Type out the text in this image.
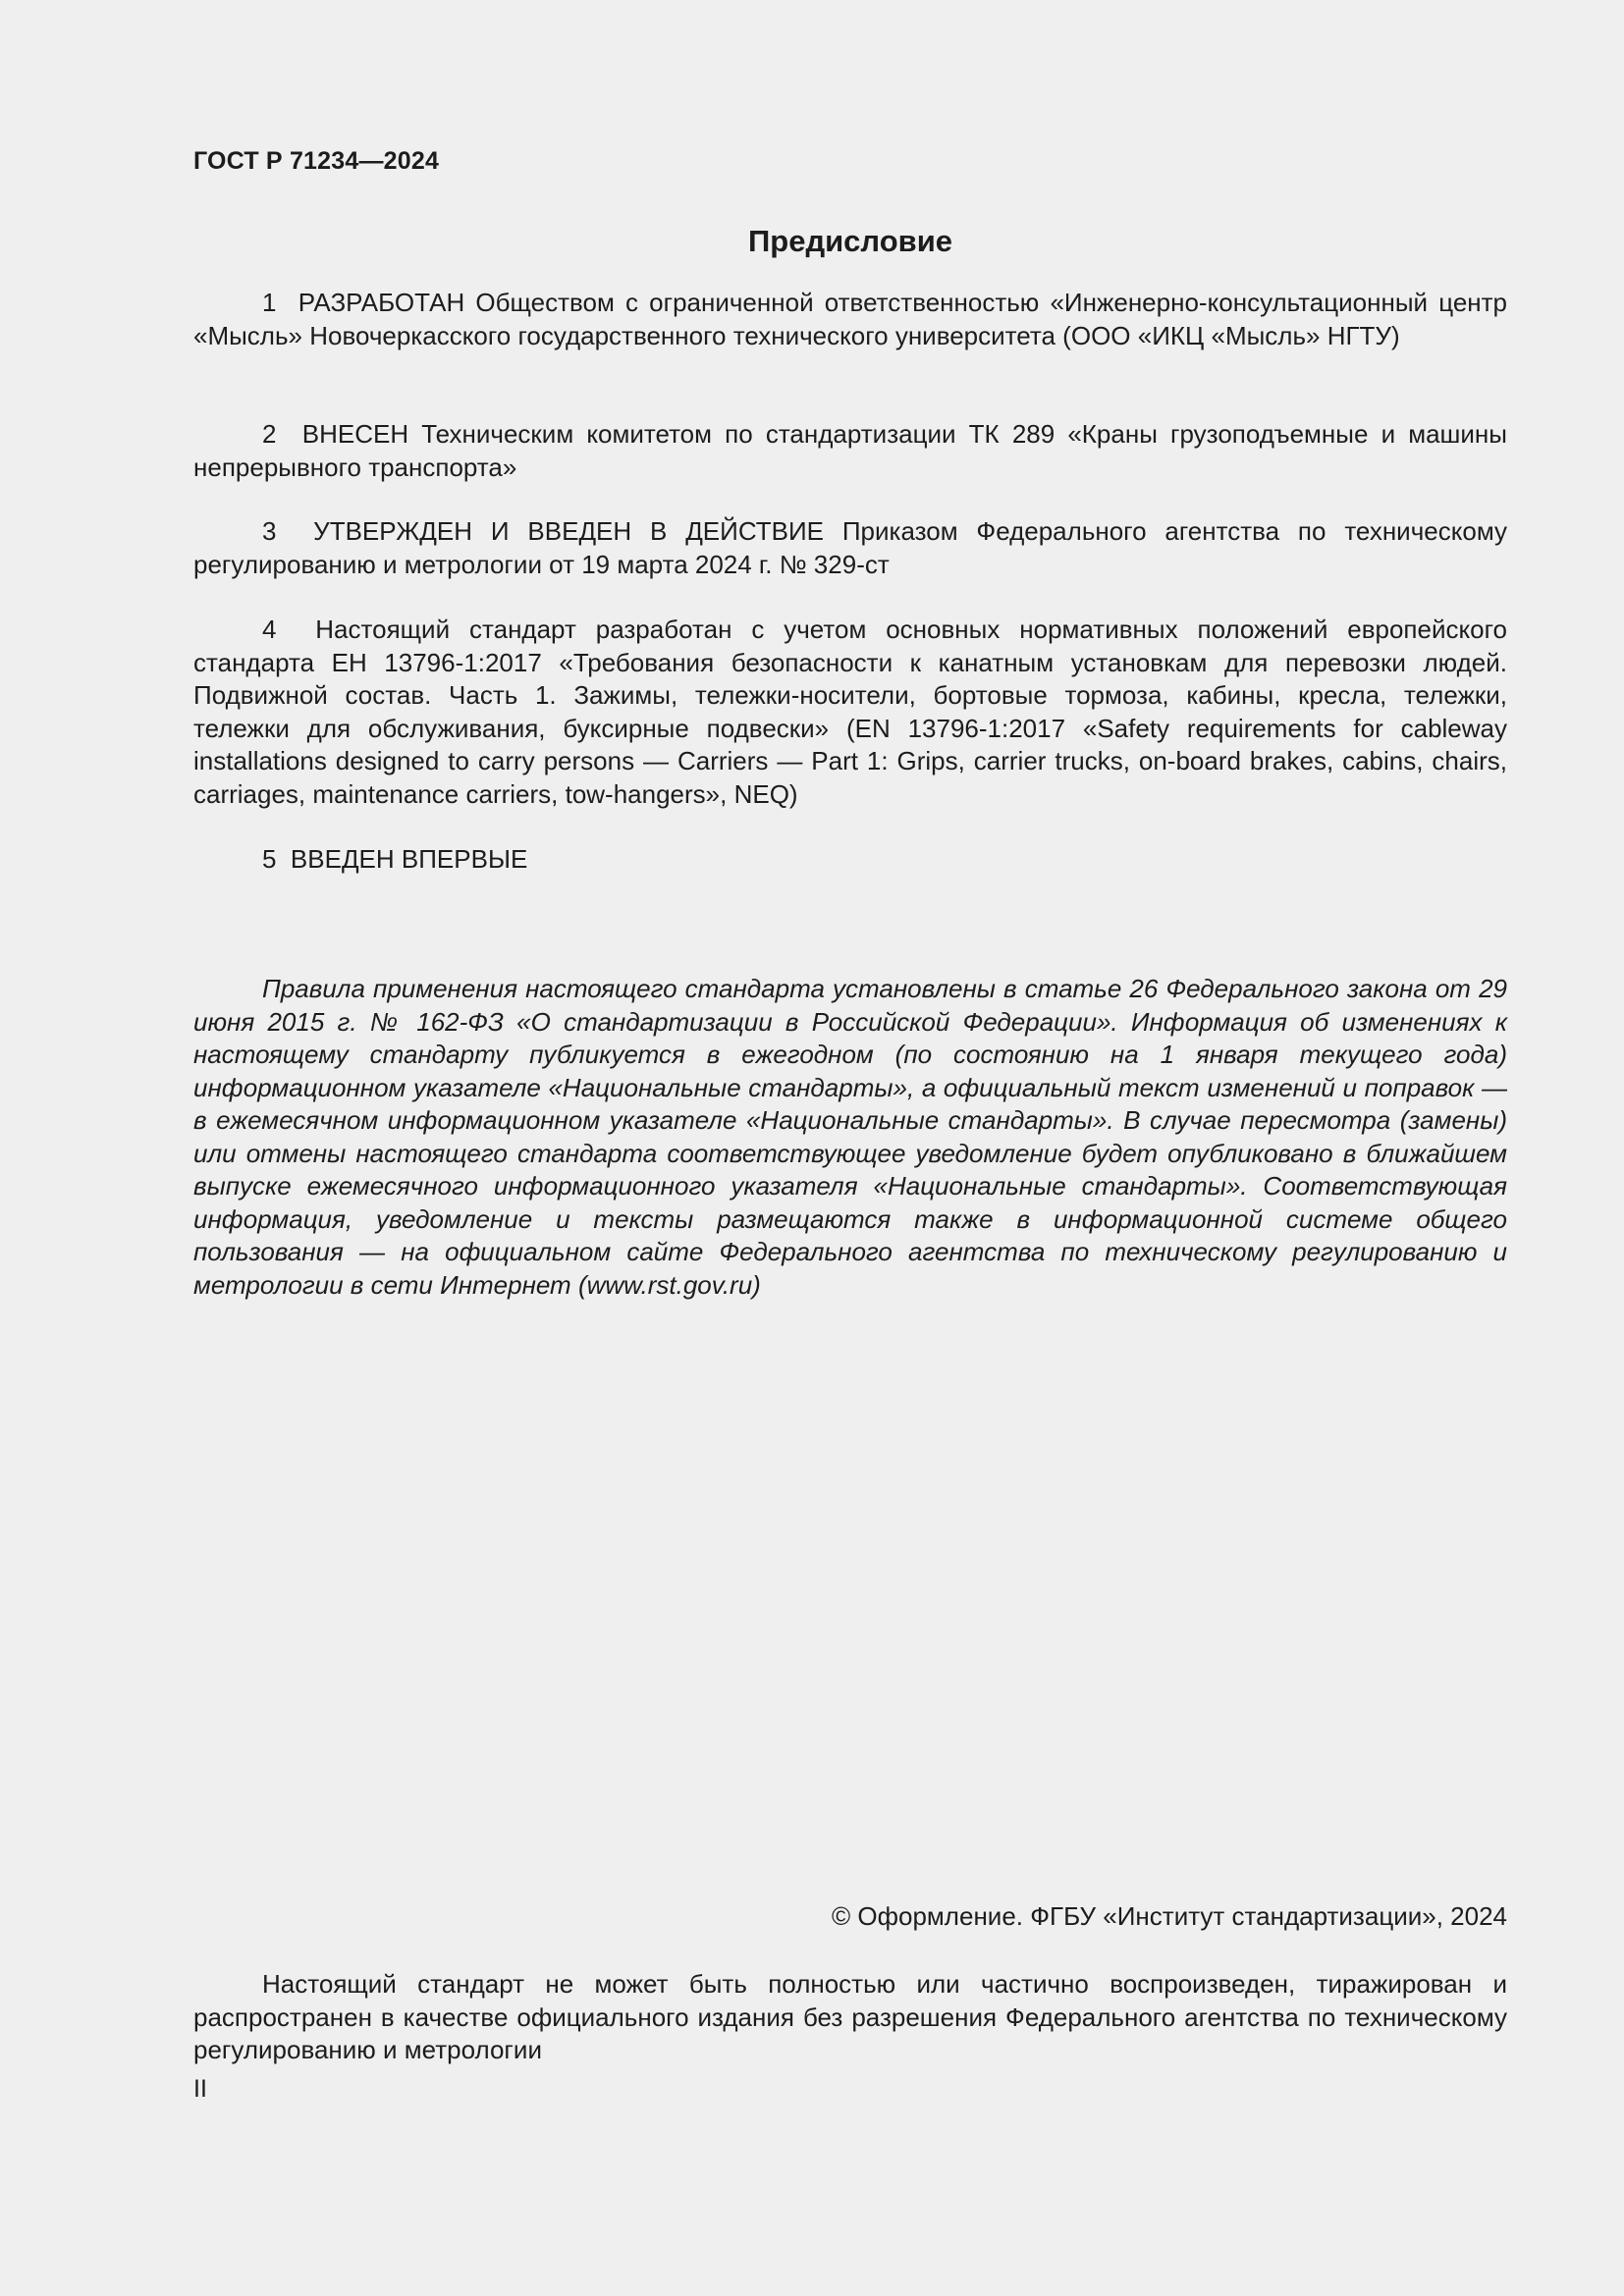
ГОСТ Р 71234—2024
Предисловие

1 РАЗРАБОТАН Обществом с ограниченной ответственностью «Инженерно-консультационный центр «Мысль» Новочеркасского государственного технического университета (ООО «ИКЦ «Мысль» НГТУ)

2 ВНЕСЕН Техническим комитетом по стандартизации ТК 289 «Краны грузоподъемные и машины непрерывного транспорта»

3 УТВЕРЖДЕН И ВВЕДЕН В ДЕЙСТВИЕ Приказом Федерального агентства по техническому регулированию и метрологии от 19 марта 2024 г. № 329-ст

4 Настоящий стандарт разработан с учетом основных нормативных положений европейского стандарта ЕН 13796-1:2017 «Требования безопасности к канатным установкам для перевозки людей. Подвижной состав. Часть 1. Зажимы, тележки-носители, бортовые тормоза, кабины, кресла, тележки, тележки для обслуживания, буксирные подвески» (EN 13796-1:2017 «Safety requirements for cableway installations designed to carry persons — Carriers — Part 1: Grips, carrier trucks, on-board brakes, cabins, chairs, carriages, maintenance carriers, tow-hangers», NEQ)

5 ВВЕДЕН ВПЕРВЫЕ

Правила применения настоящего стандарта установлены в статье 26 Федерального закона от 29 июня 2015 г. № 162-ФЗ «О стандартизации в Российской Федерации». Информация об изменениях к настоящему стандарту публикуется в ежегодном (по состоянию на 1 января текущего года) информационном указателе «Национальные стандарты», а официальный текст изменений и поправок — в ежемесячном информационном указателе «Национальные стандарты». В случае пересмотра (замены) или отмены настоящего стандарта соответствующее уведомление будет опубликовано в ближайшем выпуске ежемесячного информационного указателя «Национальные стандарты». Соответствующая информация, уведомление и тексты размещаются также в информационной системе общего пользования — на официальном сайте Федерального агентства по техническому регулированию и метрологии в сети Интернет (www.rst.gov.ru)

© Оформление. ФГБУ «Институт стандартизации», 2024

Настоящий стандарт не может быть полностью или частично воспроизведен, тиражирован и распространен в качестве официального издания без разрешения Федерального агентства по техническому регулированию и метрологии

II
